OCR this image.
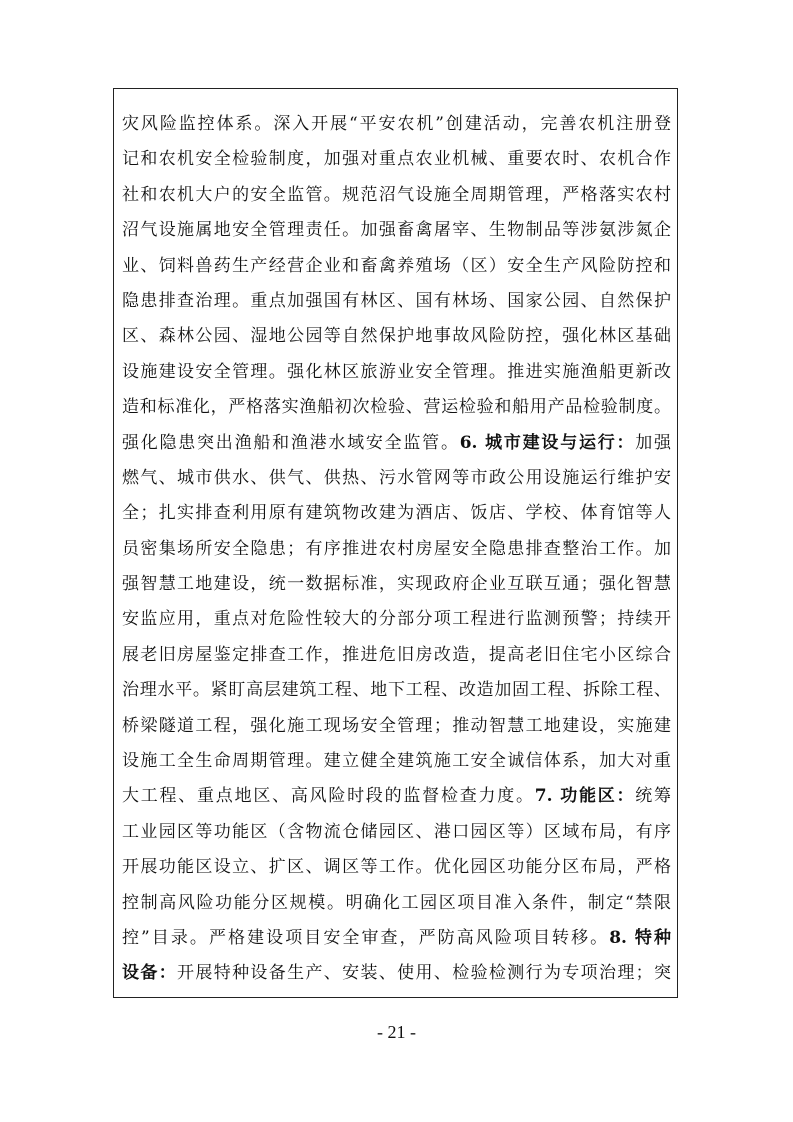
灾风险监控体系。深入开展“平安农机”创建活动，完善农机注册登
记和农机安全检验制度，加强对重点农业机械、重要农时、农机合作
社和农机大户的安全监管。规范沼气设施全周期管理，严格落实农村
沼气设施属地安全管理责任。加强畜禽屠宰、生物制品等涉氨涉氮企
业、饲料兽药生产经营企业和畜禽养殖场（区）安全生产风险防控和
隐患排查治理。重点加强国有林区、国有林场、国家公园、自然保护
区、森林公园、湿地公园等自然保护地事故风险防控，强化林区基础
设施建设安全管理。强化林区旅游业安全管理。推进实施渔船更新改
造和标准化，严格落实渔船初次检验、营运检验和船用产品检验制度。
强化隐患突出渔船和渔港水域安全监管。6. 城市建设与运行：加强
燃气、城市供水、供气、供热、污水管网等市政公用设施运行维护安
全；扎实排查利用原有建筑物改建为酒店、饭店、学校、体育馆等人
员密集场所安全隐患；有序推进农村房屋安全隐患排查整治工作。加
强智慧工地建设，统一数据标准，实现政府企业互联互通；强化智慧
安监应用，重点对危险性较大的分部分项工程进行监测预警；持续开
展老旧房屋鉴定排查工作，推进危旧房改造，提高老旧住宅小区综合
治理水平。紧盯高层建筑工程、地下工程、改造加固工程、拆除工程、
桥梁隧道工程，强化施工现场安全管理；推动智慧工地建设，实施建
设施工全生命周期管理。建立健全建筑施工安全诚信体系，加大对重
大工程、重点地区、高风险时段的监督检查力度。7. 功能区：统筹
工业园区等功能区（含物流仓储园区、港口园区等）区域布局，有序
开展功能区设立、扩区、调区等工作。优化园区功能分区布局，严格
控制高风险功能分区规模。明确化工园区项目准入条件，制定“禁限
控”目录。严格建设项目安全审查，严防高风险项目转移。8. 特种
设备：开展特种设备生产、安装、使用、检验检测行为专项治理；突
- 21 -
